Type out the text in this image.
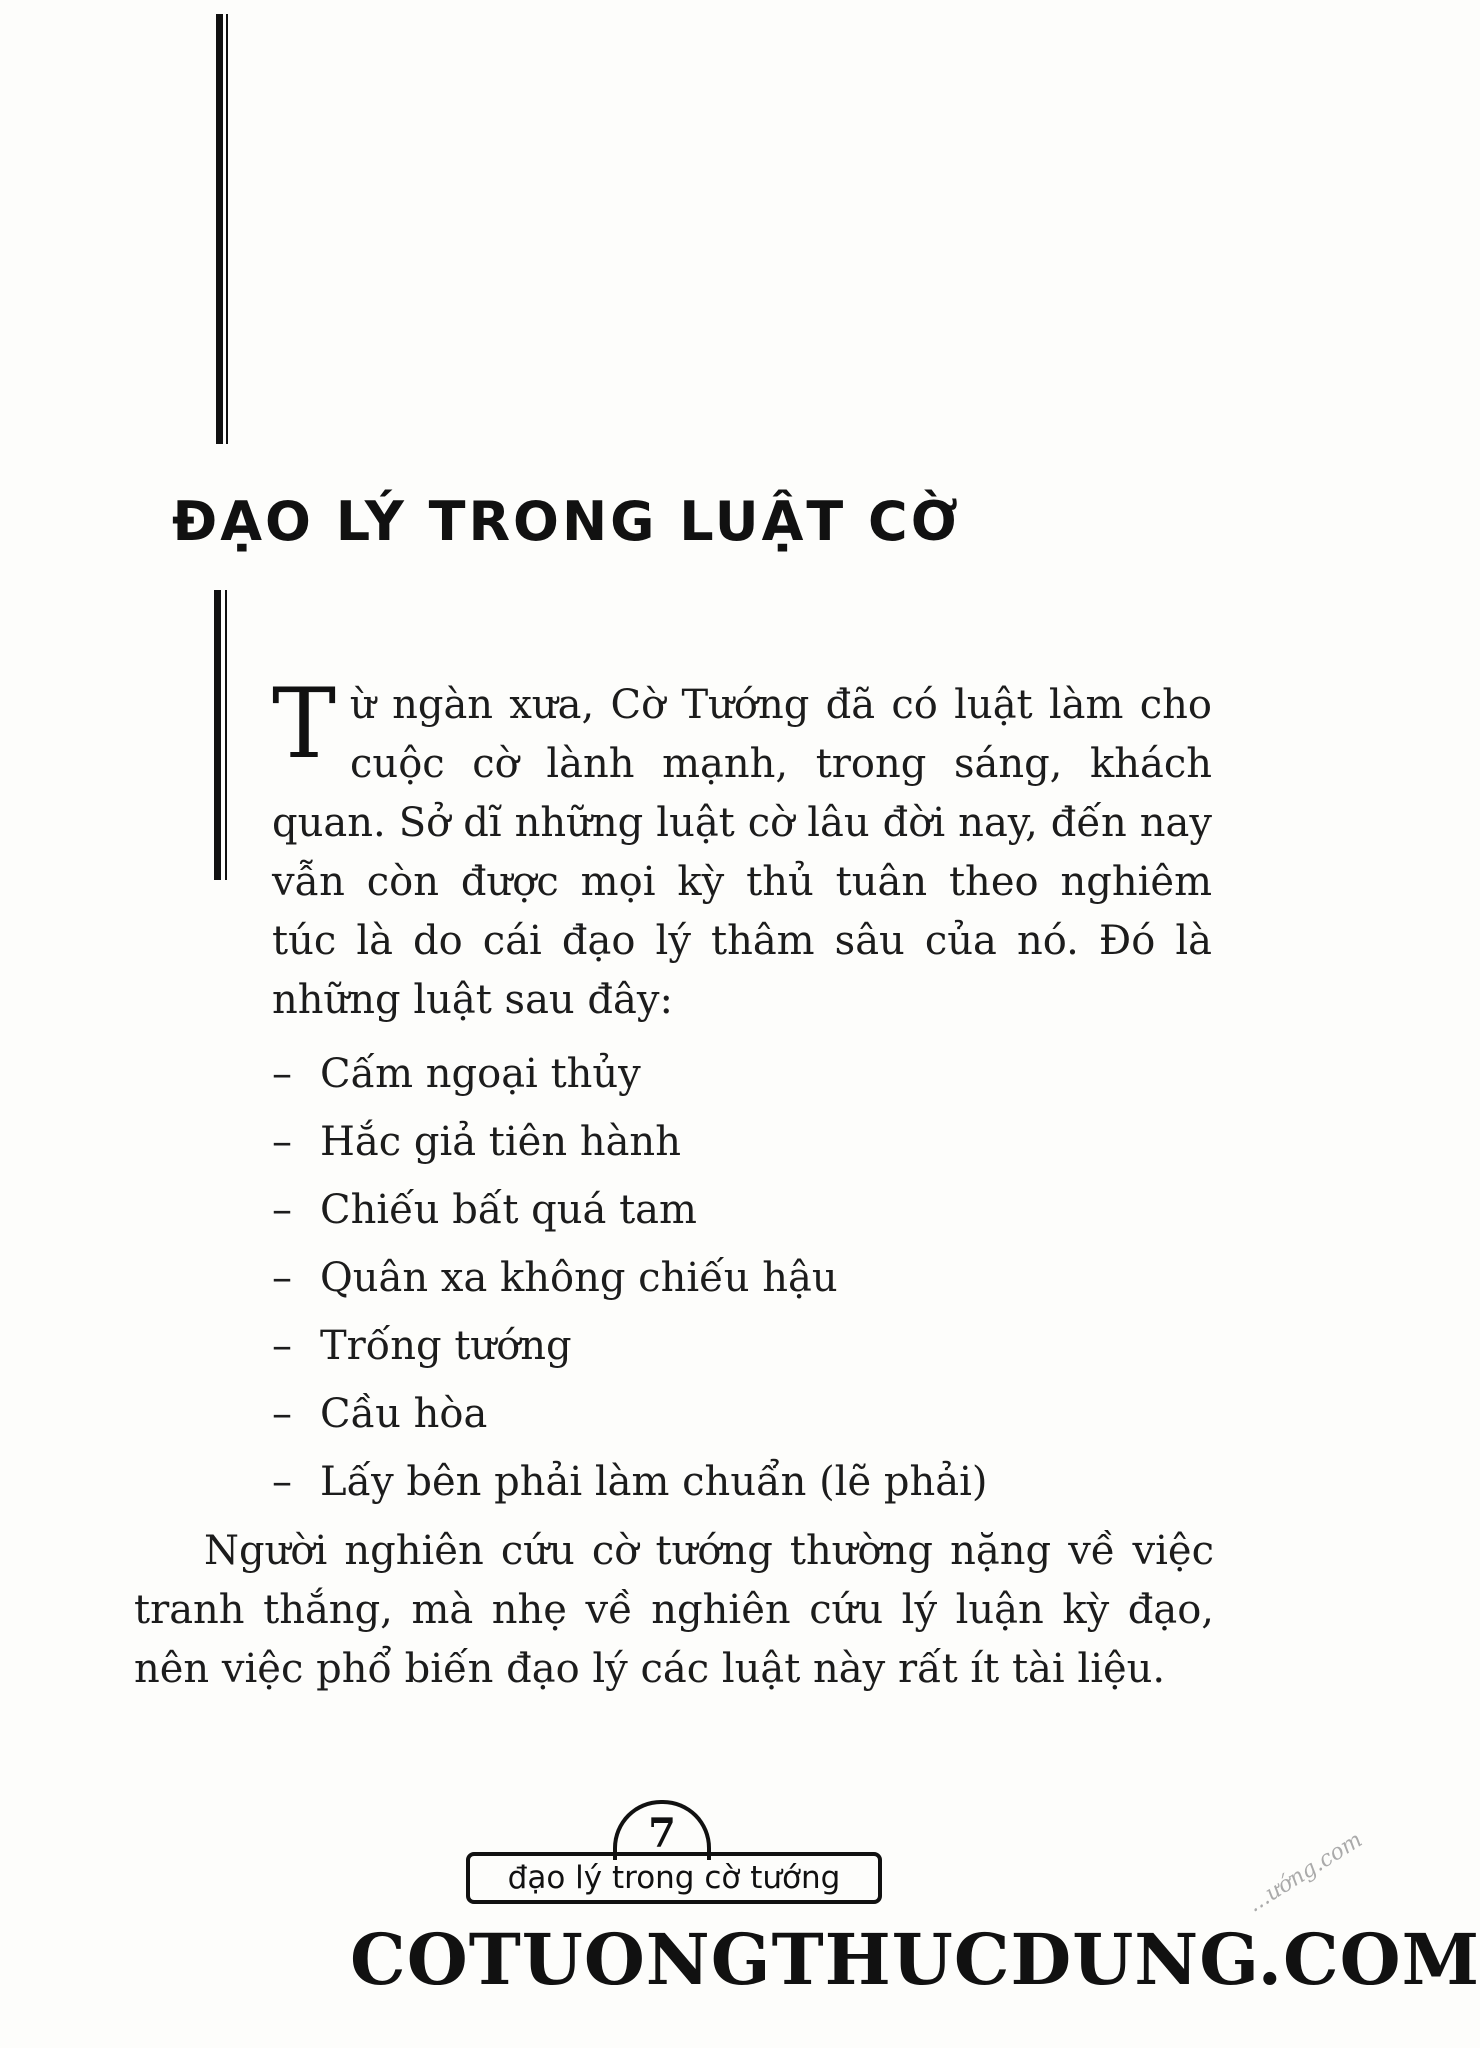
ĐẠO LÝ TRONG LUẬT CỜ

Từ ngàn xưa, Cờ Tướng đã có luật làm cho cuộc cờ lành mạnh, trong sáng, khách quan. Sở dĩ những luật cờ lâu đời nay, đến nay vẫn còn được mọi kỳ thủ tuân theo nghiêm túc là do cái đạo lý thâm sâu của nó. Đó là những luật sau đây:

– Cấm ngoại thủy
– Hắc giả tiên hành
– Chiếu bất quá tam
– Quân xa không chiếu hậu
– Trống tướng
– Cầu hòa
– Lấy bên phải làm chuẩn (lẽ phải)

Người nghiên cứu cờ tướng thường nặng về việc tranh thắng, mà nhẹ về nghiên cứu lý luận kỳ đạo, nên việc phổ biến đạo lý các luật này rất ít tài liệu.

7
đạo lý trong cờ tướng	...ướng.com

COTUONGTHUCDUNG.COM
